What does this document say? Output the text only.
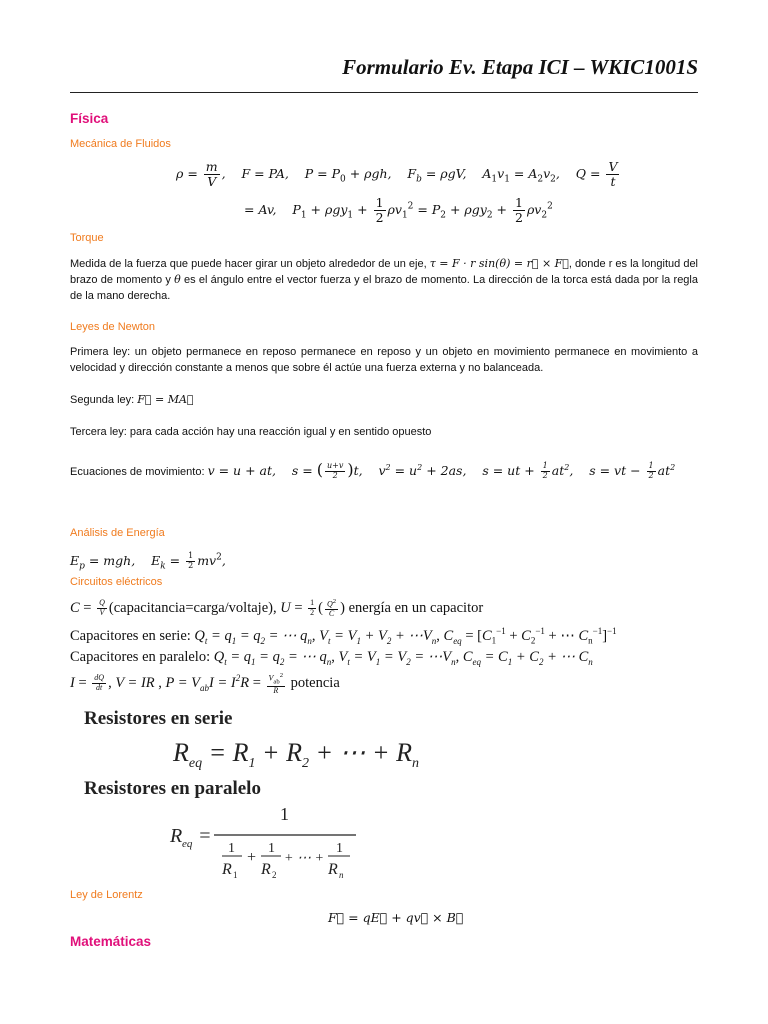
Formulario Ev. Etapa ICI – WKIC1001S
Física
Mecánica de Fluidos
$\rho = \frac{m}{V}$ ,    F = PA,    $P = P_0 + \rho gh$,    $F_b = \rho gV$,    $A_1v_1 = A_2v_2$,    $Q = \frac{V}{t}$
= Av,    $P_1 + \rho gy_1 + \frac{1}{2} \rho v_1^2 = P_2 + \rho gy_2 + \frac{1}{2} \rho v_2^2$
Torque
Medida de la fuerza que puede hacer girar un objeto alrededor de un eje, τ = F · r sin(θ) = r⃗ × F⃗, donde r es la longitud del brazo de momento y θ es el ángulo entre el vector fuerza y el brazo de momento. La dirección de la torca está dada por la regla de la mano derecha.
Leyes de Newton
Primera ley: un objeto permanece en reposo permanece en reposo y un objeto en movimiento permanece en movimiento a velocidad y dirección constante a menos que sobre él actúe una fuerza externa y no balanceada.
Segunda ley: F⃗ = MA⃗
Tercera ley: para cada acción hay una reacción igual y en sentido opuesto
Ecuaciones de movimiento: v = u + at,    s = ( $\frac{u+v}{2} )t$,    $v^2 = u^2 + 2as$,    s = ut + $\frac{1}{2} at^2$,    s = vt − $\frac{1}{2} at^2$
Análisis de Energía
$E_p$ = mgh,    $E_k = \frac{1}{2} mv^2$,
Circuitos eléctricos
$C = \frac{Q}{V}$ (capacitancia=carga/voltaje), $U = \frac{1}{2}$ ( $\frac{Q^2}{C}$ ) energía en un capacitor
Capacitores en serie: $Q_t = q_1 = q_2$ = ⋯ $q_n$, $V_t = V_1 + V_2$ + $\cdots V_n$, $C_{eq} = [C_1^{-1} + C_2^{-1}$ + ⋯ $C_n^{-1}]^{-1}$
Capacitores en paralelo: $Q_t = q_1 = q_2$ = ⋯ $q_n$, $V_t = V_1 = V_2$ = $\cdots V_n$, $C_{eq} = C_1 + C_2$ + ⋯ $C_n$
$I = \frac{dQ}{dt}$ , V = IR , $P = V_{ab}I = I^2R = \frac{V_{ab}^2}{R}$ potencia
Resistores en serie
$R_{eq} = R_1 + R_2$ + ⋯ + $R_n$
Resistores en paralelo
R eq =
1
1
R 1
+
1
R 2
+ ⋯ +
1
R n
Ley de Lorentz
F⃗ = qE⃗ + qv⃗ × B⃗
Matemáticas
